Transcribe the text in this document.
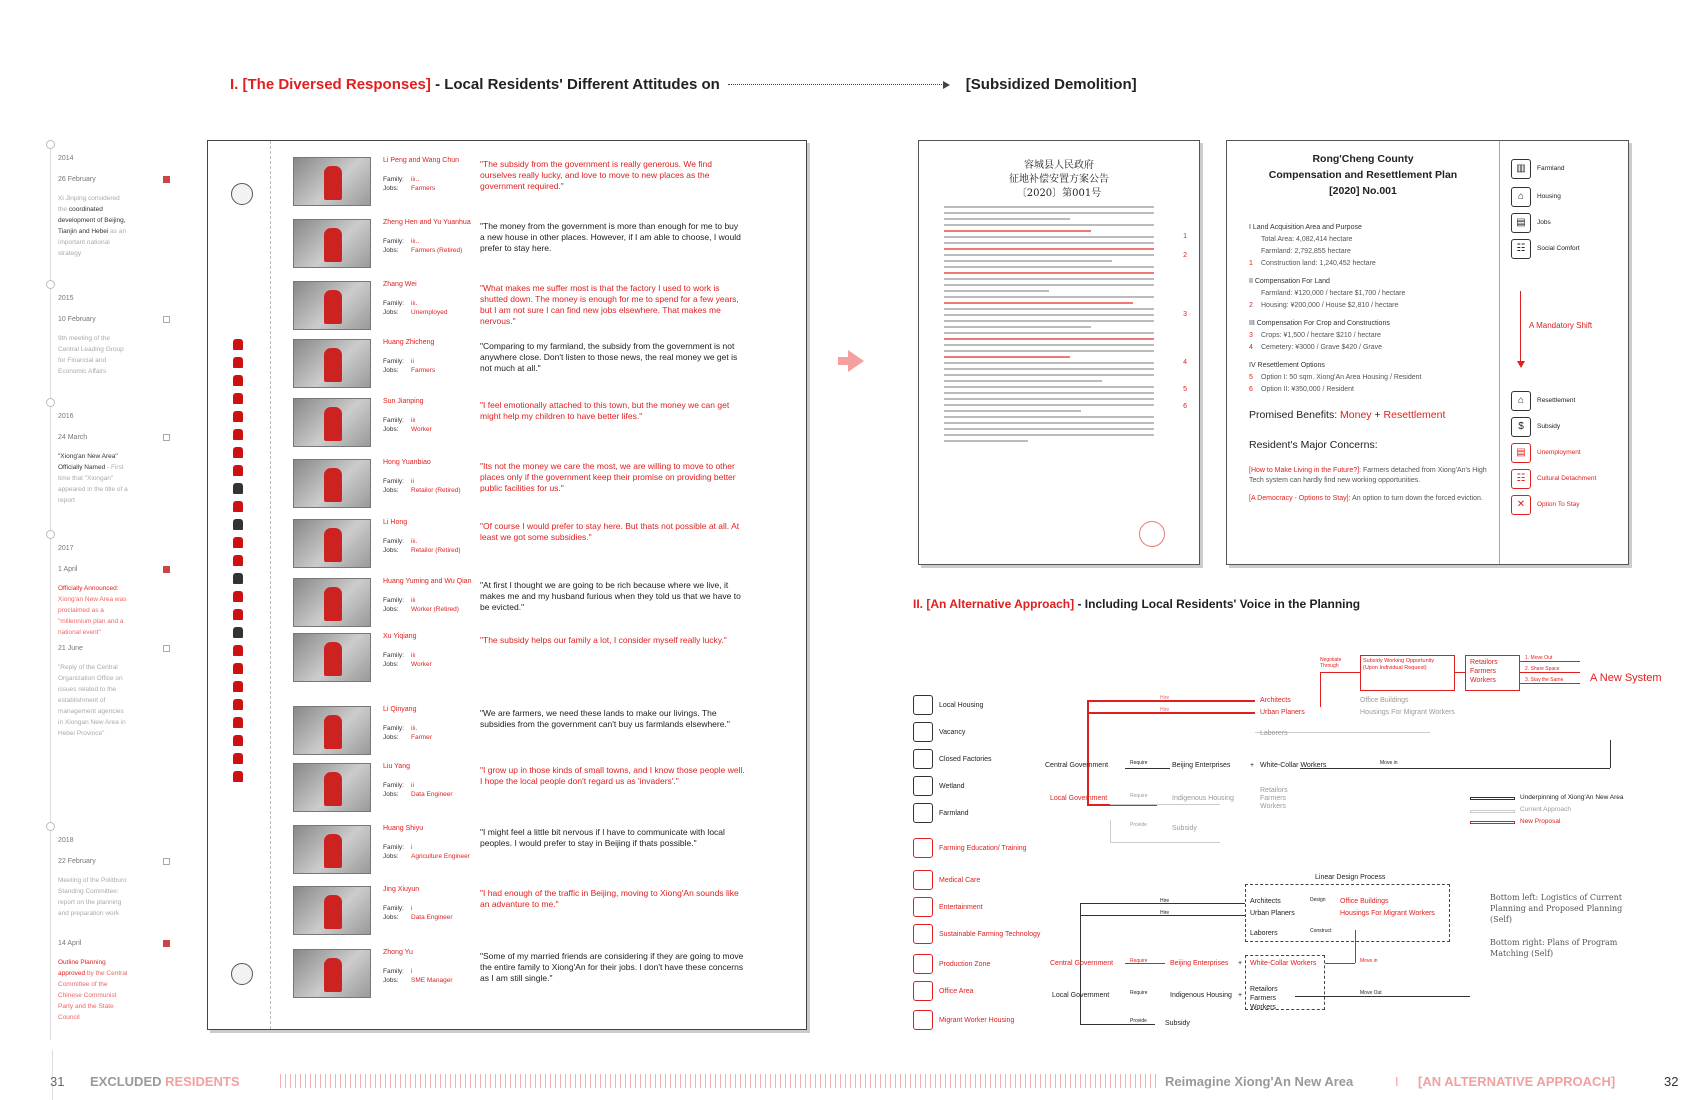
I. [The Diversed Responses] - Local Residents' Different Attitudes on	[Subsidized Demolition]
2014
26 February
Xi Jinping considered the coordinated development of Beijing, Tianjin and Hebei as an important national strategy
2015
10 February
9th meeting of the Central Leading Group for Financial and Economic Affairs
2016
24 March
"Xiong'an New Area" Officially Named - First time that "Xiongan" appeared in the title of a report
2017
1 April
Officially Announced: Xiong'an New Area was proclaimed as a "millennium plan and a national event"
21 June
"Reply of the Central Organization Office on issues related to the establishment of management agencies in Xiongan New Area in Hebei Province"
2018
22 February
Meeting of the Politburo Standing Committee: report on the planning and preparation work
14 April
Outline Planning approved by the Central Committee of the Chinese Communist Party and the State Council
Li Peng and Wang Chun
Family: iiı..
Jobs: Farmers
"The subsidy from the government is really generous. We find ourselves really lucky, and love to move to new places as the government required."
Zheng Hen and Yu Yuanhua
Family: iiı..
Jobs: Farmers (Retired)
"The money from the government is more than enough for me to buy a new house in other places. However, if I am able to choose, I would prefer to stay here.
Zhang Wei
Family: iiı.
Jobs: Unemployed
"What makes me suffer most is that the factory I used to work is shutted down. The money is enough for me to spend for a few years, but I am not sure I can find new jobs elsewhere. That makes me nervous."
Huang Zhicheng
Family: ii
Jobs: Farmers
"Comparing to my farmland, the subsidy from the government is not anywhere close. Don't listen to those news, the real money we get is not much at all."
Sun Jianping
Family: iiı
Jobs: Worker
"I feel emotionally attached to this town, but the money we can get might help my children to have better lifes."
Hong Yuanbiao
Family: ii
Jobs: Retailor (Retired)
"Its not the money we care the most, we are willing to move to other places only if the government keep their promise on providing better public facilities for us."
Li Hong
Family: iiı.
Jobs: Retailor (Retired)
"Of course I would prefer to stay here. But thats not possible at all. At least we got some subsidies."
Huang Yuming and Wu Qian
Family: iiı
Jobs: Worker (Retired)
"At first I thought we are going to be rich because where we live, it makes me and my husband furious when they told us that we have to be evicted."
Xu Yiqiang
Family: iiı
Jobs: Worker
"The subsidy helps our family a lot, I consider myself really lucky."
Li Qinyang
Family: iiı.
Jobs: Farmer
"We are farmers, we need these lands to make our livings. The subsidies from the government can't buy us farmlands elsewhere."
Liu Yang
Family: ii
Jobs: Data Engineer
"I grow up in those kinds of small towns, and I know those people well. I hope the local people don't regard us as 'invaders'."
Huang Shiyu
Family: i
Jobs: Agriculture Engineer
"I might feel a little bit nervous if I have to communicate with local peoples. I would prefer to stay in Beijing if thats possible."
Jing Xiuyun
Family: i
Jobs: Data Engineer
"I had enough of the traffic in Beijing, moving to Xiong'An sounds like an advanture to me."
Zhong Yu
Family: i
Jobs: SME Manager
"Some of my married friends are considering if they are going to move the entire family to Xiong'An for their jobs. I don't have these concerns as I am still single."
容城县人民政府
征地补偿安置方案公告
〔2020〕第001号
1
2
3
4
5
6
Rong'Cheng County
Compensation and Resettlement Plan
[2020] No.001
I Land Acquisition Area and Purpose
Total Area: 4,082,414 hectare
Farmland: 2,792,855 hectare
1 Construction land: 1,240,452 hectare
II Compensation For Land
Farmland: ¥120,000 / hectare $1,700 / hectare
2 Housing: ¥200,000 / House $2,810 / hectare
III Compensation For Crop and Constructions
3 Crops: ¥1,500 / hectare $210 / hectare
4 Cemetery: ¥3000 / Grave $420 / Grave
IV Resettlement Options
5 Option I: 50 sqm. Xiong'An Area Housing / Resident
6 Option II: ¥350,000 / Resident
Promised Benefits: Money + Resettlement
Resident's Major Concerns:
[How to Make Living in the Future?]: Farmers detached from Xiong'An's High Tech system can hardly find new working opportunities.
[A Democracy - Options to Stay]: An option to turn down the forced eviction.
▥	Farmland
⌂	Housing
▤	Jobs
☷	Social Comfort
A Mandatory Shift
⌂	Resettlement
$	Subsidy
▤	Unemployment
☷	Cultural Detachment
✕	Option To Stay
II. [An Alternative Approach] - Including Local Residents' Voice in the Planning
Local Housing
Vacancy
Closed Factories
Wetland
Farmland
Farming Education/ Training
Medical Care
Entertainment
Sustainable Farming Technology
Production Zone
Office Area
Migrant Worker Housing
Central Government
Local Government
Beijing Enterprises	+ White-Collar Workers
Architects
Urban Planers
Laborers
Office Buildings
Housings For Migrant Workers
Indigenous Housing
Subsidy
Retailors
Farmers
Workers
Subsidy Working Opportunity (Upon Individual Request)
Retailors
Farmers
Workers
1. Move Out
2. Share Space
3. Stay the Same A New System
Negotiate Through
Hire
Hire
Require
Require
Provide
Move in
Underpinning of Xiong'An New Area
Current Approach
New Proposal
Linear Design Process
Architects
Urban Planers
Laborers
Office Buildings
Housings For Migrant Workers
Design
Construct
Hire
Hire
Central Government
Local Government
Beijing Enterprises + White-Collar Workers
Indigenous Housing +
Retailors
Farmers
Workers
Subsidy
Require
Require
Provide
Move in
Move Out
Bottom left: Logistics of Current Planning and Proposed Planning (Self)
Bottom right: Plans of Program Matching (Self)
31 EXCLUDED RESIDENTS	Reimagine Xiong'An New Area	I [AN ALTERNATIVE APPROACH]	32
